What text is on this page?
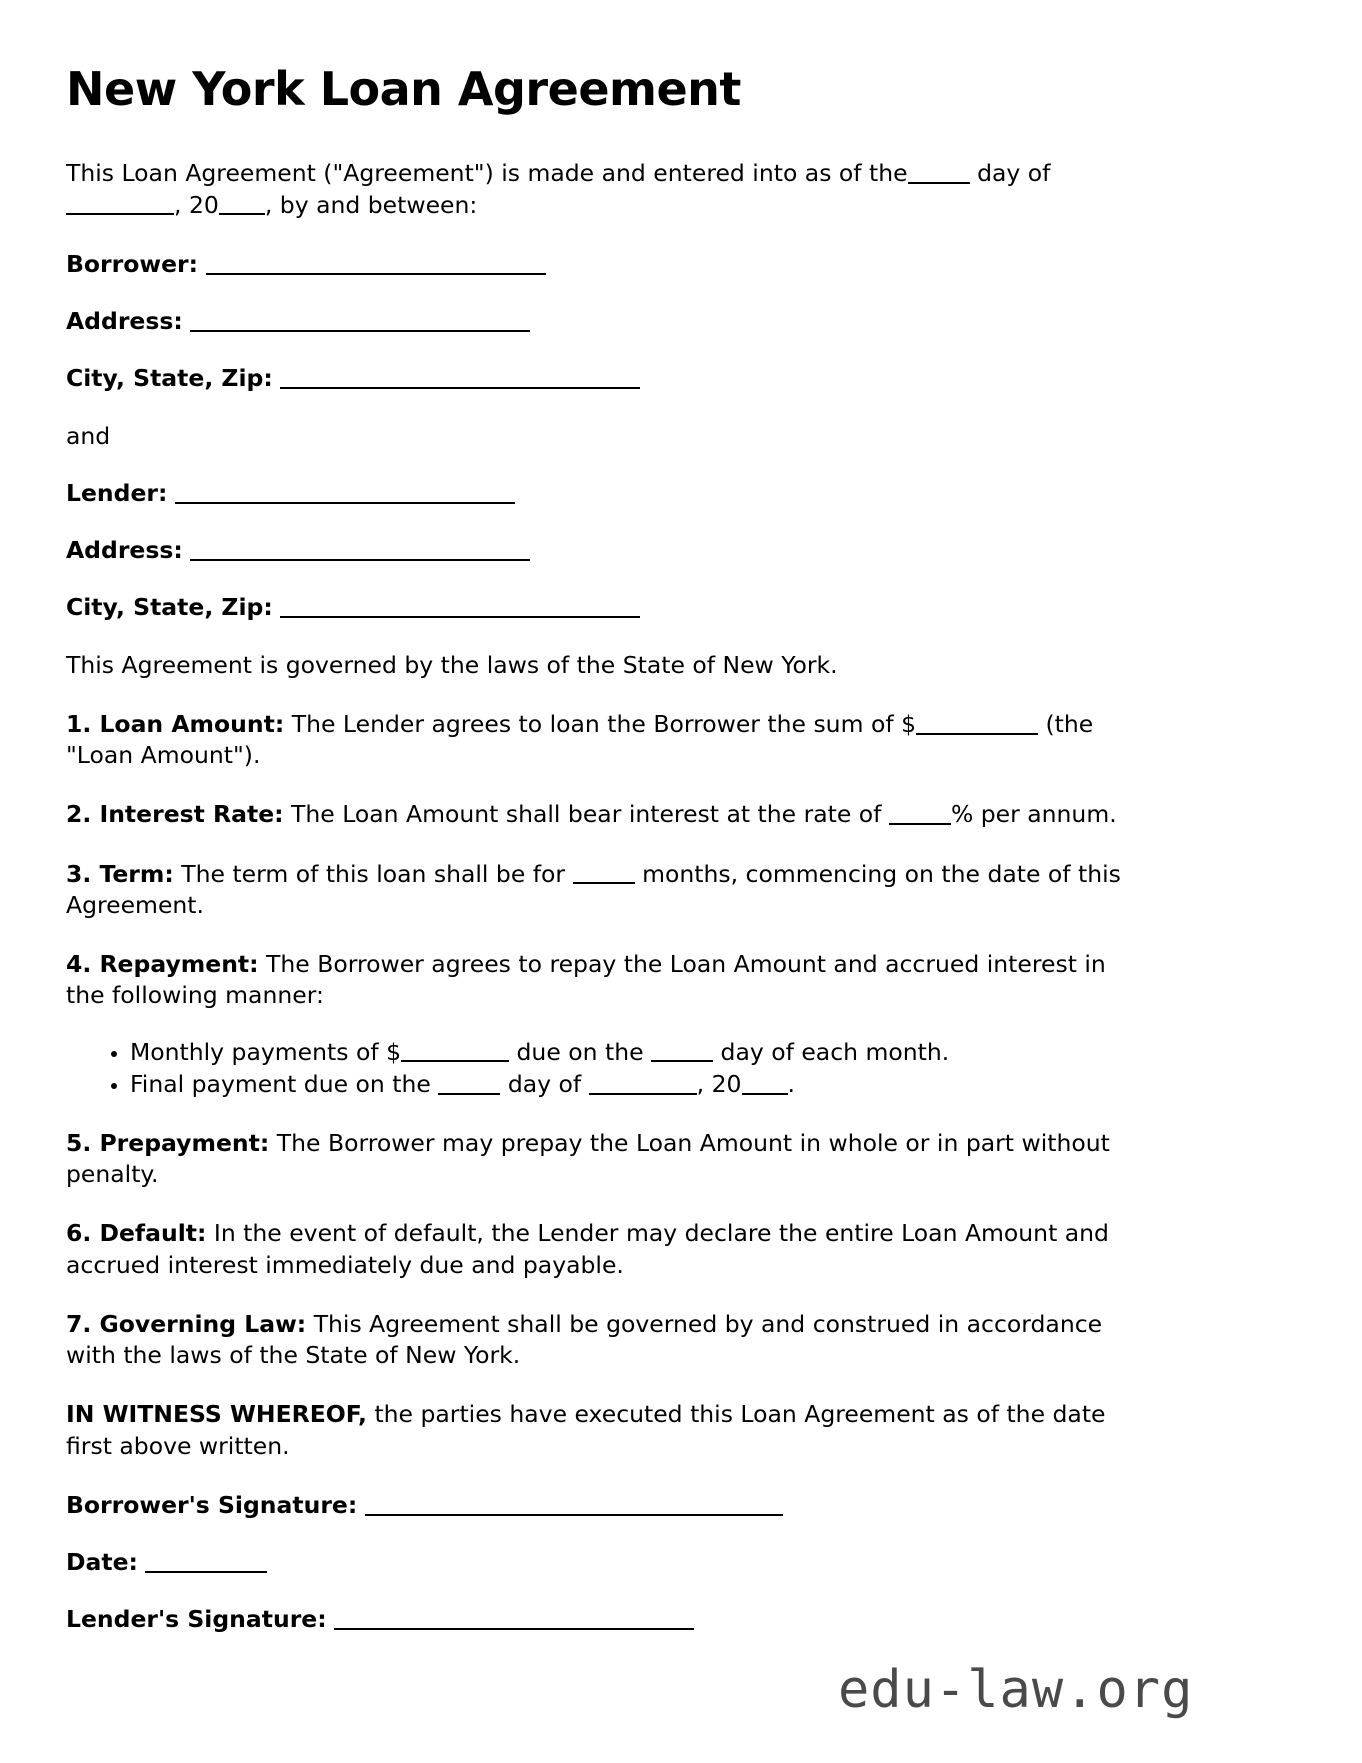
New York Loan Agreement

This Loan Agreement ("Agreement") is made and entered into as of the	day of , 20 , by and between:

Borrower:

Address:

City, State, Zip:

and

Lender:

Address:

City, State, Zip:

This Agreement is governed by the laws of the State of New York.

1. Loan Amount: The Lender agrees to loan the Borrower the sum of $	(the "Loan Amount").

2. Interest Rate: The Loan Amount shall bear interest at the rate of	% per annum.

3. Term: The term of this loan shall be for	months, commencing on the date of this Agreement.

4. Repayment: The Borrower agrees to repay the Loan Amount and accrued interest in the following manner:

• Monthly payments of $	due on the	day of each month.
• Final payment due on the	day of	, 20 .

5. Prepayment: The Borrower may prepay the Loan Amount in whole or in part without penalty.

6. Default: In the event of default, the Lender may declare the entire Loan Amount and accrued interest immediately due and payable.

7. Governing Law: This Agreement shall be governed by and construed in accordance with the laws of the State of New York.

IN WITNESS WHEREOF, the parties have executed this Loan Agreement as of the date first above written.

Borrower's Signature:

Date:

Lender's Signature:

edu-law.org
